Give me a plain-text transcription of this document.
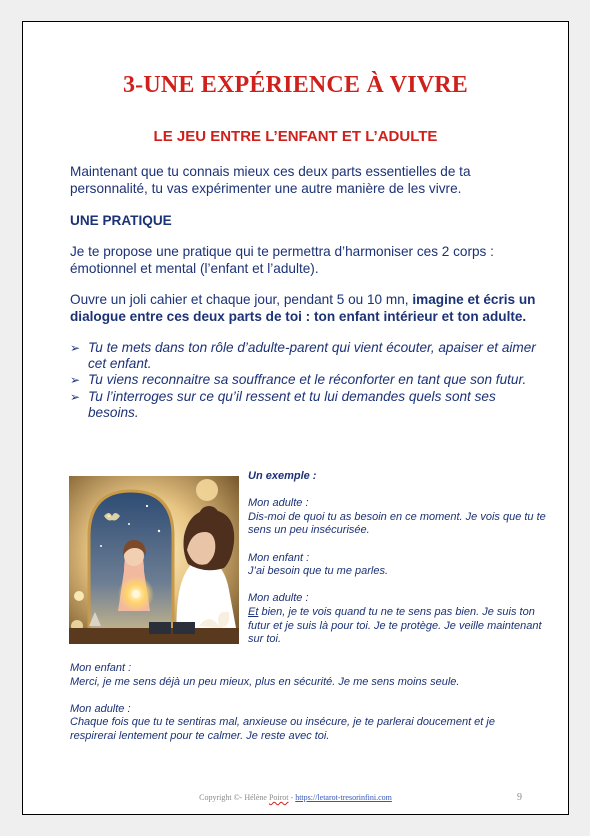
3-UNE EXPÉRIENCE À VIVRE
LE JEU ENTRE L’ENFANT ET L’ADULTE
Maintenant que tu connais mieux ces deux parts essentielles de ta personnalité, tu vas expérimenter une autre manière de les vivre.
UNE PRATIQUE
Je te propose une pratique qui te permettra d’harmoniser ces 2 corps : émotionnel et mental (l’enfant et l’adulte).
Ouvre un joli cahier et chaque jour, pendant 5 ou 10 mn, imagine et écris un dialogue entre ces deux parts de toi : ton enfant intérieur et ton adulte.
➢ Tu te mets dans ton rôle d’adulte-parent qui vient écouter, apaiser et aimer cet enfant.
➢ Tu viens reconnaitre sa souffrance et le réconforter en tant que son futur.
➢ Tu l’interroges sur ce qu’il ressent et tu lui demandes quels sont ses besoins.
Un exemple :
Mon adulte :
Dis-moi de quoi tu as besoin en ce moment. Je vois que tu te sens un peu insécurisée.
Mon enfant :
J’ai besoin que tu me parles.
Mon adulte :
Et bien, je te vois quand tu ne te sens pas bien. Je suis ton futur et je suis là pour toi. Je te protège. Je veille maintenant sur toi.
Mon enfant :
Merci, je me sens déjà un peu mieux, plus en sécurité. Je me sens moins seule.
Mon adulte :
Chaque fois que tu te sentiras mal, anxieuse ou insécure, je te parlerai doucement et je respirerai lentement pour te calmer. Je reste avec toi.
Copyright ©- Hélène Poirot - https://letarot-tresorinfini.com	9
